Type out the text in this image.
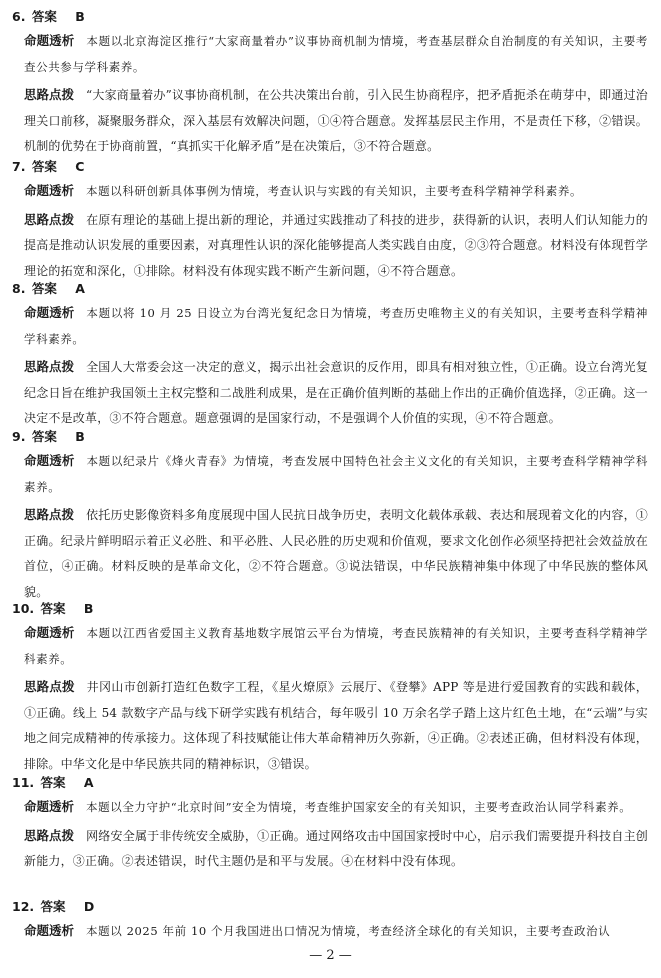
6. 答案 B
命题透析 本题以北京海淀区推行“大家商量着办”议事协商机制为情境，考查基层群众自治制度的有关知识，主要考查公共参与学科素养。
思路点拨 “大家商量着办”议事协商机制，在公共决策出台前，引入民生协商程序，把矛盾扼杀在萌芽中，即通过治理关口前移，凝聚服务群众，深入基层有效解决问题，①④符合题意。发挥基层民主作用，不是责任下移，②错误。机制的优势在于协商前置，“真抓实干化解矛盾”是在决策后，③不符合题意。
7. 答案 C
命题透析 本题以科研创新具体事例为情境，考查认识与实践的有关知识，主要考查科学精神学科素养。
思路点拨 在原有理论的基础上提出新的理论，并通过实践推动了科技的进步，获得新的认识，表明人们认知能力的提高是推动认识发展的重要因素，对真理性认识的深化能够提高人类实践自由度，②③符合题意。材料没有体现哲学理论的拓宽和深化，①排除。材料没有体现实践不断产生新问题，④不符合题意。
8. 答案 A
命题透析 本题以将 10 月 25 日设立为台湾光复纪念日为情境，考查历史唯物主义的有关知识，主要考查科学精神学科素养。
思路点拨 全国人大常委会这一决定的意义，揭示出社会意识的反作用，即具有相对独立性，①正确。设立台湾光复纪念日旨在维护我国领土主权完整和二战胜利成果，是在正确价值判断的基础上作出的正确价值选择，②正确。这一决定不是改革，③不符合题意。题意强调的是国家行动，不是强调个人价值的实现，④不符合题意。
9. 答案 B
命题透析 本题以纪录片《烽火青春》为情境，考查发展中国特色社会主义文化的有关知识，主要考查科学精神学科素养。
思路点拨 依托历史影像资料多角度展现中国人民抗日战争历史，表明文化载体承载、表达和展现着文化的内容，①正确。纪录片鲜明昭示着正义必胜、和平必胜、人民必胜的历史观和价值观，要求文化创作必须坚持把社会效益放在首位，④正确。材料反映的是革命文化，②不符合题意。③说法错误，中华民族精神集中体现了中华民族的整体风貌。
10. 答案 B
命题透析 本题以江西省爱国主义教育基地数字展馆云平台为情境，考查民族精神的有关知识，主要考查科学精神学科素养。
思路点拨 井冈山市创新打造红色数字工程，《星火燎原》云展厅、《登攀》APP 等是进行爱国教育的实践和载体，①正确。线上 54 款数字产品与线下研学实践有机结合，每年吸引 10 万余名学子踏上这片红色土地，在“云端”与实地之间完成精神的传承接力。这体现了科技赋能让伟大革命精神历久弥新，④正确。②表述正确，但材料没有体现，排除。中华文化是中华民族共同的精神标识，③错误。
11. 答案 A
命题透析 本题以全力守护“北京时间”安全为情境，考查维护国家安全的有关知识，主要考查政治认同学科素养。
思路点拨 网络安全属于非传统安全威胁，①正确。通过网络攻击中国国家授时中心，启示我们需要提升科技自主创新能力，③正确。②表述错误，时代主题仍是和平与发展。④在材料中没有体现。
12. 答案 D
命题透析 本题以 2025 年前 10 个月我国进出口情况为情境，考查经济全球化的有关知识，主要考查政治认
— 2 —
